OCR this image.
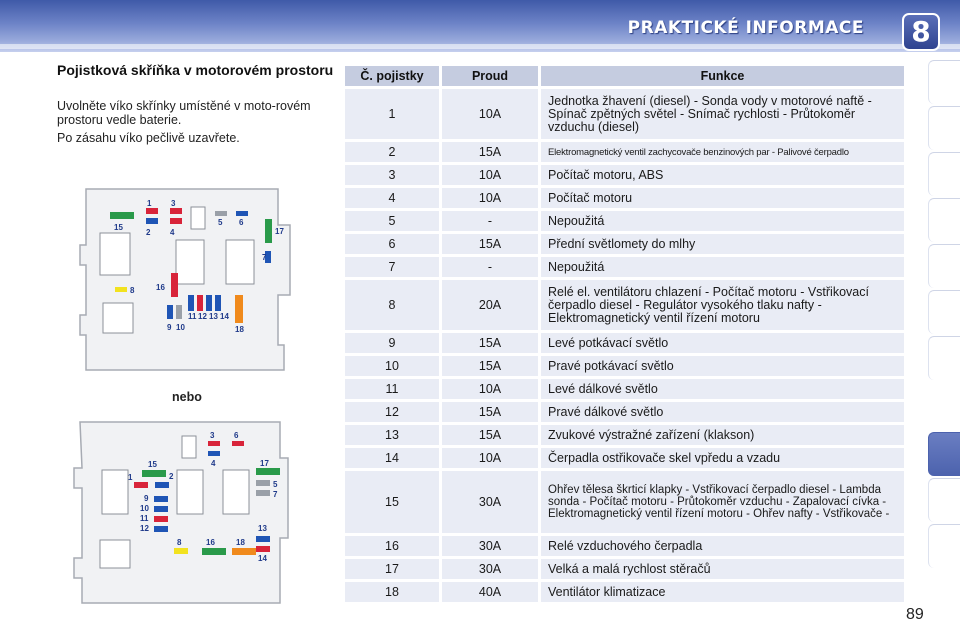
PRAKTICKÉ INFORMACE	8
Pojistková skříňka v motorovém prostoru
Uvolněte víko skřínky umístěné v moto-rovém prostoru vedle baterie.
Po zásahu víko pečlivě uzavřete.
1 3
15
2 4
5 6
17
7
16
8
11 12 13 14
9 10	18
nebo
3 6
4
15
2
17
1
5
7
9
10
11
12	13
8	16	18
14
Č. pojistky	Proud	Funkce
1	10A	Jednotka žhavení (diesel) - Sonda vody v motorové naftě - Spínač zpětných světel - Snímač rychlosti - Průtokoměr vzduchu (diesel)
2	15A	Elektromagnetický ventil zachycovače benzinových par - Palivové čerpadlo
3	10A	Počítač motoru, ABS
4	10A	Počítač motoru
5	-	Nepoužitá
6	15A	Přední světlomety do mlhy
7	-	Nepoužitá
8	20A	Relé el. ventilátoru chlazení - Počítač motoru - Vstřikovací čerpadlo diesel - Regulátor vysokého tlaku nafty - Elektromagnetický ventil řízení motoru
9	15A	Levé potkávací světlo
10	15A	Pravé potkávací světlo
11	10A	Levé dálkové světlo
12	15A	Pravé dálkové světlo
13	15A	Zvukové výstražné zařízení (klakson)
14	10A	Čerpadla ostřikovače skel vpředu a vzadu
15	30A	Ohřev tělesa škrticí klapky - Vstřikovací čerpadlo diesel - Lambda sonda - Počítač motoru - Průtokoměr vzduchu - Zapalovací cívka - Elektromagnetický ventil řízení motoru - Ohřev nafty - Vstřikovače -
16	30A	Relé vzduchového čerpadla
17	30A	Velká a malá rychlost stěračů
18	40A	Ventilátor klimatizace
89
